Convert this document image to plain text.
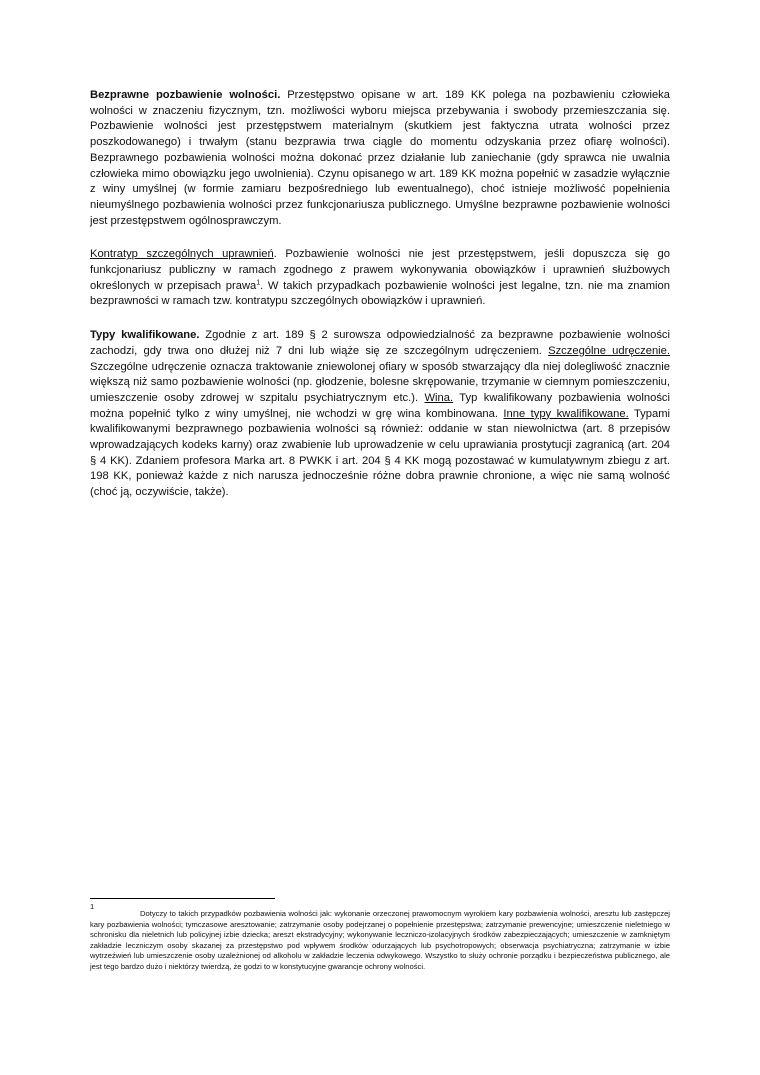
Bezprawne pozbawienie wolności. Przestępstwo opisane w art. 189 KK polega na pozbawieniu człowieka wolności w znaczeniu fizycznym, tzn. możliwości wyboru miejsca przebywania i swobody przemieszczania się. Pozbawienie wolności jest przestępstwem materialnym (skutkiem jest faktyczna utrata wolności przez poszkodowanego) i trwałym (stanu bezprawia trwa ciągle do momentu odzyskania przez ofiarę wolności). Bezprawnego pozbawienia wolności można dokonać przez działanie lub zaniechanie (gdy sprawca nie uwalnia człowieka mimo obowiązku jego uwolnienia). Czynu opisanego w art. 189 KK można popełnić w zasadzie wyłącznie z winy umyślnej (w formie zamiaru bezpośredniego lub ewentualnego), choć istnieje możliwość popełnienia nieumyślnego pozbawienia wolności przez funkcjonariusza publicznego. Umyślne bezprawne pozbawienie wolności jest przestępstwem ogólnosprawczym.

Kontratyp szczególnych uprawnień. Pozbawienie wolności nie jest przestępstwem, jeśli dopuszcza się go funkcjonariusz publiczny w ramach zgodnego z prawem wykonywania obowiązków i uprawnień służbowych określonych w przepisach prawa$^1$. W takich przypadkach pozbawienie wolności jest legalne, tzn. nie ma znamion bezprawności w ramach tzw. kontratypu szczególnych obowiązków i uprawnień.

Typy kwalifikowane. Zgodnie z art. 189 § 2 surowsza odpowiedzialność za bezprawne pozbawienie wolności zachodzi, gdy trwa ono dłużej niż 7 dni lub wiąże się ze szczególnym udręczeniem. Szczególne udręczenie. Szczególne udręczenie oznacza traktowanie zniewolonej ofiary w sposób stwarzający dla niej dolegliwość znacznie większą niż samo pozbawienie wolności (np. głodzenie, bolesne skrępowanie, trzymanie w ciemnym pomieszczeniu, umieszczenie osoby zdrowej w szpitalu psychiatrycznym etc.). Wina. Typ kwalifikowany pozbawienia wolności można popełnić tylko z winy umyślnej, nie wchodzi w grę wina kombinowana. Inne typy kwalifikowane. Typami kwalifikowanymi bezprawnego pozbawienia wolności są również: oddanie w stan niewolnictwa (art. 8 przepisów wprowadzających kodeks karny) oraz zwabienie lub uprowadzenie w celu uprawiania prostytucji zagranicą (art. 204 § 4 KK). Zdaniem profesora Marka art. 8 PWKK i art. 204 § 4 KK mogą pozostawać w kumulatywnym zbiegu z art. 198 KK, ponieważ każde z nich narusza jednocześnie różne dobra prawnie chronione, a więc nie samą wolność (choć ją, oczywiście, także).

1
Dotyczy to takich przypadków pozbawienia wolności jak: wykonanie orzeczonej prawomocnym wyrokiem kary pozbawienia wolności, aresztu lub zastępczej kary pozbawienia wolności; tymczasowe aresztowanie; zatrzymanie osoby podejrzanej o popełnienie przestępstwa; zatrzymanie prewencyjne; umieszczenie nieletniego w schronisku dla nieletnich lub policyjnej izbie dziecka; areszt ekstradycyjny; wykonywanie leczniczo-izolacyjnych środków zabezpieczających; umieszczenie w zamkniętym zakładzie leczniczym osoby skazanej za przestępstwo pod wpływem środków odurzających lub psychotropowych; obserwacja psychiatryczna; zatrzymanie w izbie wytrzeźwień lub umieszczenie osoby uzależnionej od alkoholu w zakładzie leczenia odwykowego. Wszystko to służy ochronie porządku i bezpieczeństwa publicznego, ale jest tego bardzo dużo i niektórzy twierdzą, że godzi to w konstytucyjne gwarancje ochrony wolności.
